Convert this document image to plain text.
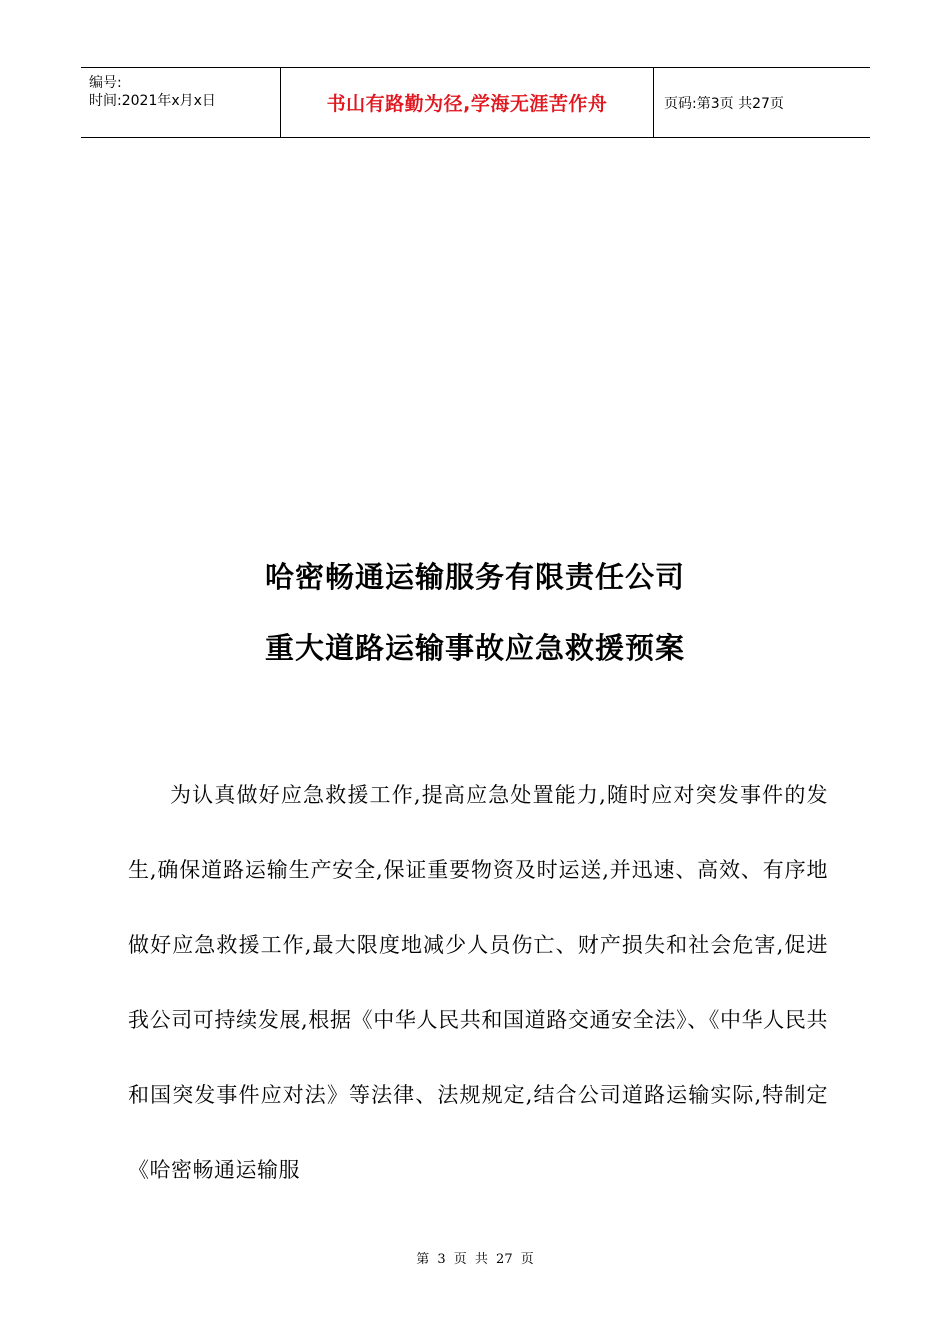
编号:
时间:2021年x月x日	书山有路勤为径,学海无涯苦作舟	页码:第3页 共27页
哈密畅通运输服务有限责任公司
重大道路运输事故应急救援预案
为认真做好应急救援工作,提高应急处置能力,随时应对突发事件的发生,确保道路运输生产安全,保证重要物资及时运送,并迅速、高效、有序地做好应急救援工作,最大限度地减少人员伤亡、财产损失和社会危害,促进我公司可持续发展,根据《中华人民共和国道路交通安全法》、《中华人民共和国突发事件应对法》等法律、法规规定,结合公司道路运输实际,特制定《哈密畅通运输服
第 3 页 共 27 页
